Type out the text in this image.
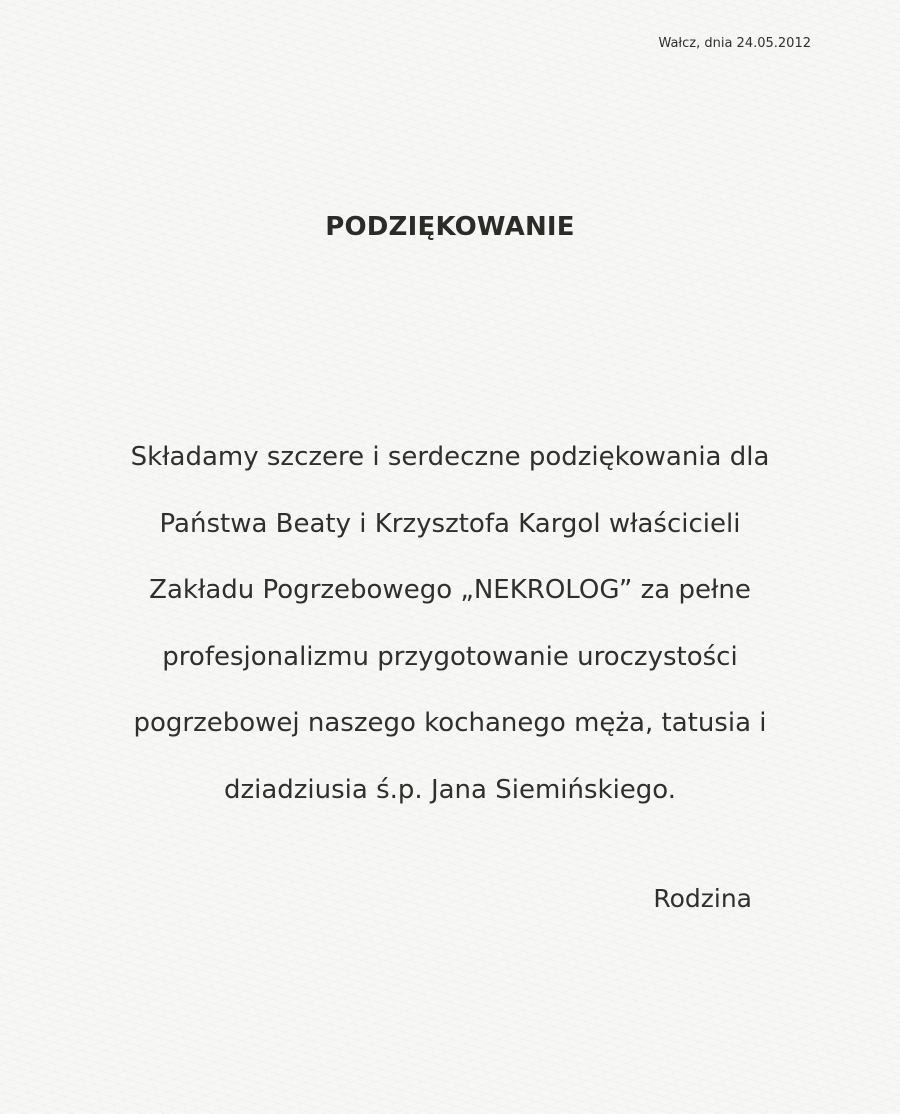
Wałcz, dnia 24.05.2012
PODZIĘKOWANIE
Składamy szczere i serdeczne podziękowania dla
Państwa Beaty i Krzysztofa Kargol właścicieli
Zakładu Pogrzebowego „NEKROLOG” za pełne
profesjonalizmu przygotowanie uroczystości
pogrzebowej naszego kochanego męża, tatusia i
dziadziusia ś.p. Jana Siemińskiego.
Rodzina
